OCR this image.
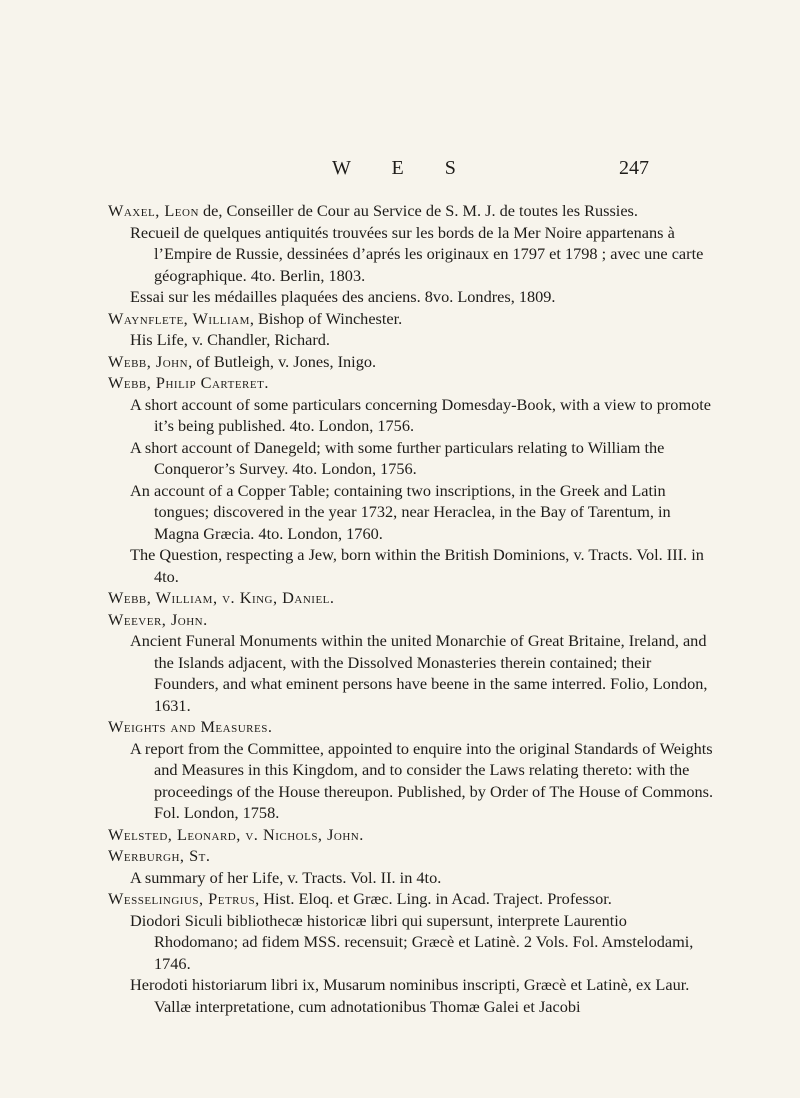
W E S	247

Waxel, Leon de, Conseiller de Cour au Service de S. M. J. de toutes les Russies.

Recueil de quelques antiquités trouvées sur les bords de la Mer Noire appartenans à l’Empire de Russie, dessinées d’aprés les originaux en 1797 et 1798 ; avec une carte géographique. 4to. Berlin, 1803.

Essai sur les médailles plaquées des anciens. 8vo. Londres, 1809.

Waynflete, William, Bishop of Winchester.

His Life, v. Chandler, Richard.

Webb, John, of Butleigh, v. Jones, Inigo.

Webb, Philip Carteret.

A short account of some particulars concerning Domesday-Book, with a view to promote it’s being published. 4to. London, 1756.

A short account of Danegeld; with some further particulars relating to William the Conqueror’s Survey. 4to. London, 1756.

An account of a Copper Table; containing two inscriptions, in the Greek and Latin tongues; discovered in the year 1732, near Heraclea, in the Bay of Tarentum, in Magna Græcia. 4to. London, 1760.

The Question, respecting a Jew, born within the British Dominions, v. Tracts. Vol. III. in 4to.

Webb, William, v. King, Daniel.

Weever, John.

Ancient Funeral Monuments within the united Monarchie of Great Britaine, Ireland, and the Islands adjacent, with the Dissolved Monasteries therein contained; their Founders, and what eminent persons have beene in the same interred. Folio, London, 1631.

Weights and Measures.

A report from the Committee, appointed to enquire into the original Standards of Weights and Measures in this Kingdom, and to consider the Laws relating thereto: with the proceedings of the House thereupon. Published, by Order of The House of Commons. Fol. London, 1758.

Welsted, Leonard, v. Nichols, John.

Werburgh, St.

A summary of her Life, v. Tracts. Vol. II. in 4to.

Wesselingius, Petrus, Hist. Eloq. et Græc. Ling. in Acad. Traject. Professor.

Diodori Siculi bibliothecæ historicæ libri qui supersunt, interprete Laurentio Rhodomano; ad fidem MSS. recensuit; Græcè et Latinè. 2 Vols. Fol. Amstelodami, 1746.

Herodoti historiarum libri ix, Musarum nominibus inscripti, Græcè et Latinè, ex Laur. Vallæ interpretatione, cum adnotationibus Thomæ Galei et Jacobi
